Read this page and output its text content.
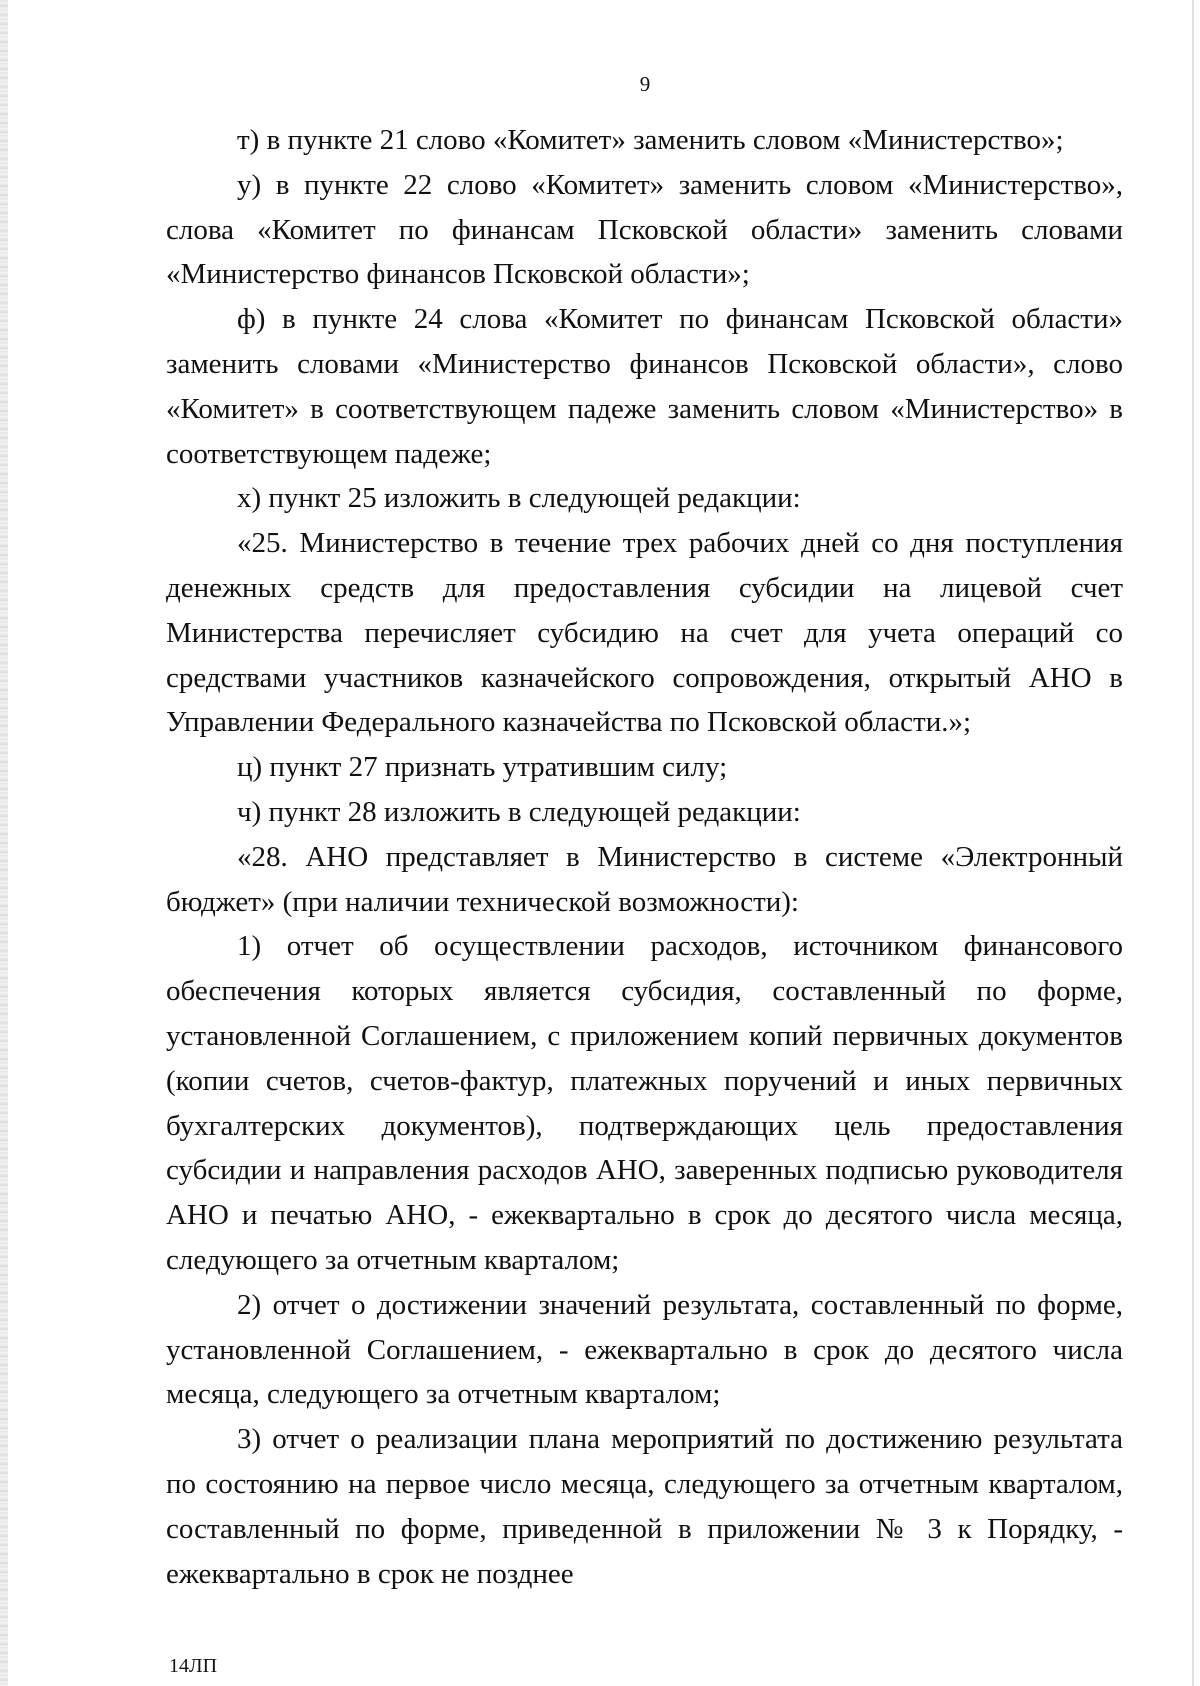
9

т) в пункте 21 слово «Комитет» заменить словом «Министерство»;

у) в пункте 22 слово «Комитет» заменить словом «Министерство», слова «Комитет по финансам Псковской области» заменить словами «Министерство финансов Псковской области»;

ф) в пункте 24 слова «Комитет по финансам Псковской области» заменить словами «Министерство финансов Псковской области», слово «Комитет» в соответствующем падеже заменить словом «Министерство» в соответствующем падеже;

х) пункт 25 изложить в следующей редакции:

«25. Министерство в течение трех рабочих дней со дня поступления денежных средств для предоставления субсидии на лицевой счет Министерства перечисляет субсидию на счет для учета операций со средствами участников казначейского сопровождения, открытый АНО в Управлении Федерального казначейства по Псковской области.»;

ц) пункт 27 признать утратившим силу;

ч) пункт 28 изложить в следующей редакции:

«28. АНО представляет в Министерство в системе «Электронный бюджет» (при наличии технической возможности):

1) отчет об осуществлении расходов, источником финансового обеспечения которых является субсидия, составленный по форме, установленной Соглашением, с приложением копий первичных документов (копии счетов, счетов-фактур, платежных поручений и иных первичных бухгалтерских документов), подтверждающих цель предоставления субсидии и направления расходов АНО, заверенных подписью руководителя АНО и печатью АНО, - ежеквартально в срок до десятого числа месяца, следующего за отчетным кварталом;

2) отчет о достижении значений результата, составленный по форме, установленной Соглашением, - ежеквартально в срок до десятого числа месяца, следующего за отчетным кварталом;

3) отчет о реализации плана мероприятий по достижению результата по состоянию на первое число месяца, следующего за отчетным кварталом, составленный по форме, приведенной в приложении № 3 к Порядку, - ежеквартально в срок не позднее

14ЛП
